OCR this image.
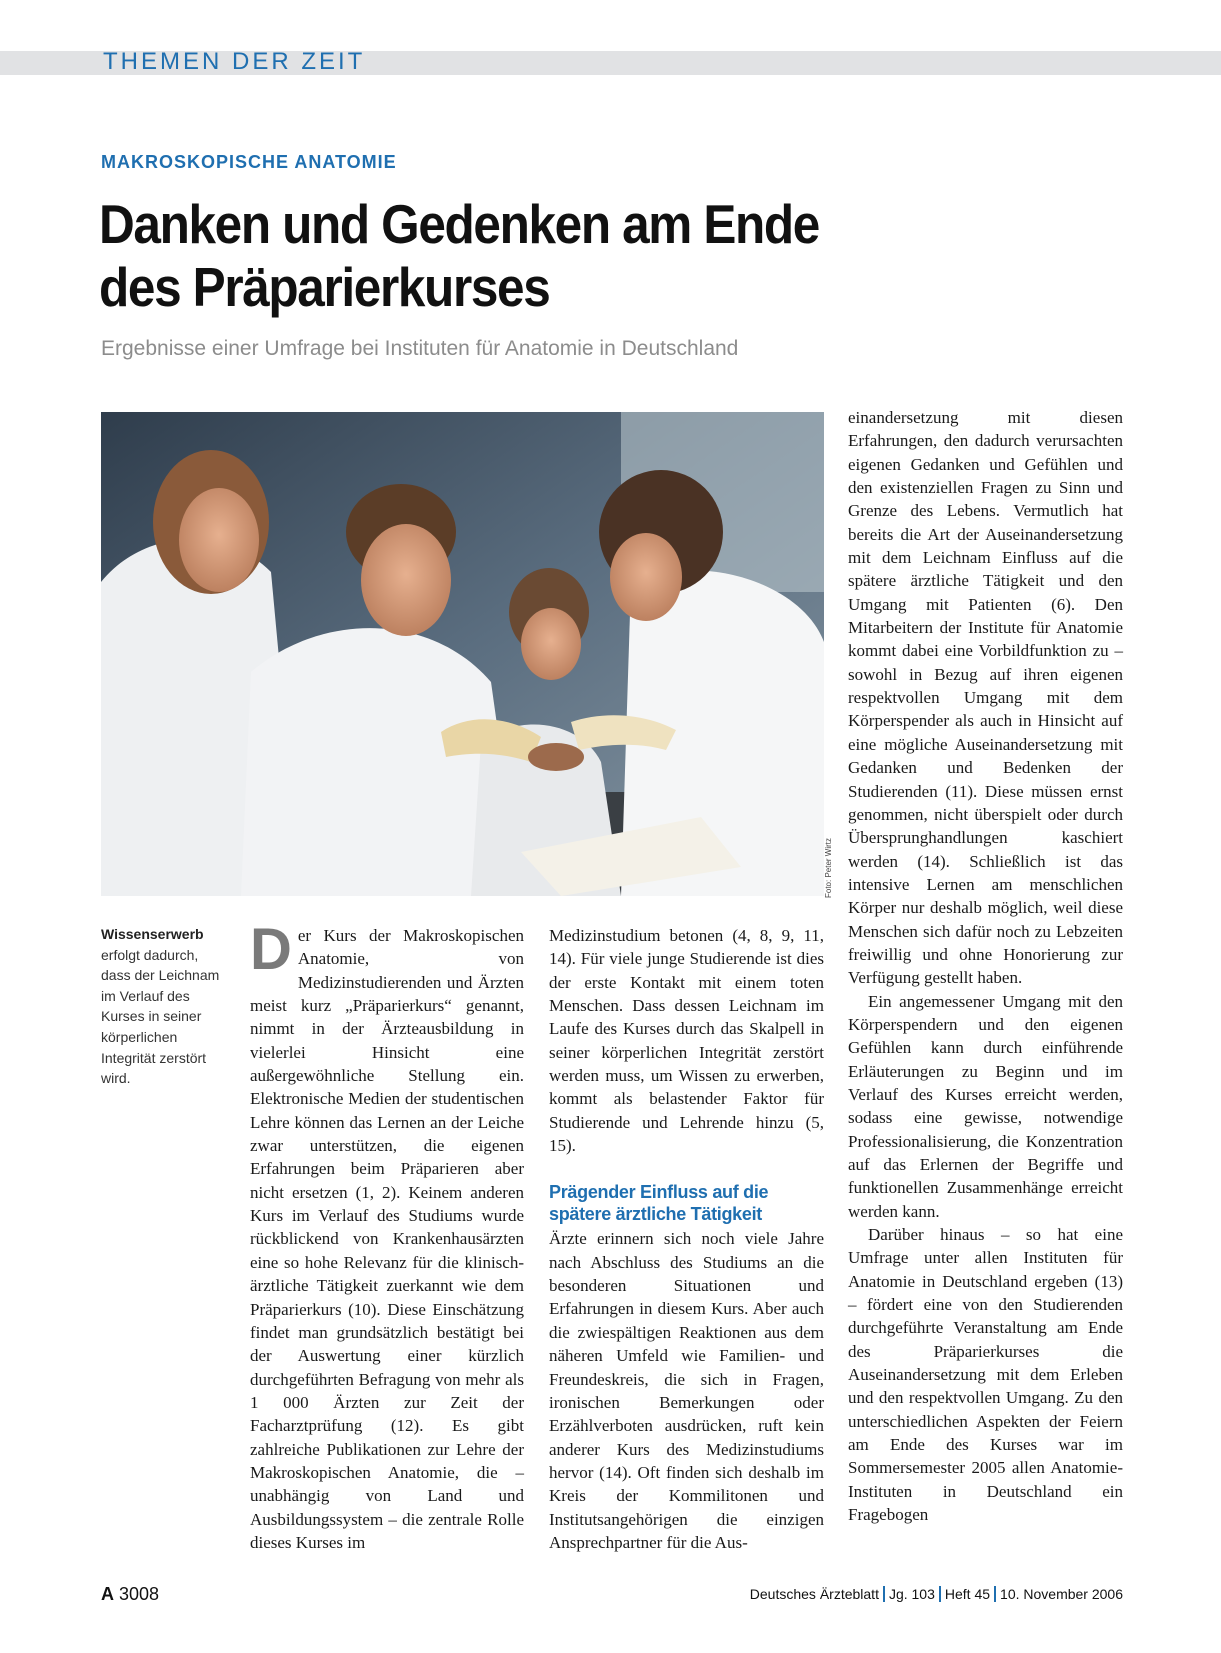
THEMEN DER ZEIT
MAKROSKOPISCHE ANATOMIE
Danken und Gedenken am Ende
des Präparierkurses
Ergebnisse einer Umfrage bei Instituten für Anatomie in Deutschland
Foto: Peter Wirtz
Wissenserwerb erfolgt dadurch, dass der Leichnam im Verlauf des Kurses in seiner körperlichen Integrität zerstört wird.

Der Kurs der Makroskopischen Anatomie, von Medizinstudierenden und Ärzten meist kurz „Präparierkurs“ genannt, nimmt in der Ärzteausbildung in vielerlei Hinsicht eine außergewöhnliche Stellung ein. Elektronische Medien der studentischen Lehre können das Lernen an der Leiche zwar unterstützen, die eigenen Erfahrungen beim Präparieren aber nicht ersetzen (1, 2). Keinem anderen Kurs im Verlauf des Studiums wurde rückblickend von Krankenhausärzten eine so hohe Relevanz für die klinisch-ärztliche Tätigkeit zuerkannt wie dem Präparierkurs (10). Diese Einschätzung findet man grundsätzlich bestätigt bei der Auswertung einer kürzlich durchgeführten Befragung von mehr als 1 000 Ärzten zur Zeit der Facharztprüfung (12). Es gibt zahlreiche Publikationen zur Lehre der Makroskopischen Anatomie, die – unabhängig von Land und Ausbildungssystem – die zentrale Rolle dieses Kurses im

Medizinstudium betonen (4, 8, 9, 11, 14). Für viele junge Studierende ist dies der erste Kontakt mit einem toten Menschen. Dass dessen Leichnam im Laufe des Kurses durch das Skalpell in seiner körperlichen Integrität zerstört werden muss, um Wissen zu erwerben, kommt als belastender Faktor für Studierende und Lehrende hinzu (5, 15).

Prägender Einfluss auf die spätere ärztliche Tätigkeit

Ärzte erinnern sich noch viele Jahre nach Abschluss des Studiums an die besonderen Situationen und Erfahrungen in diesem Kurs. Aber auch die zwiespältigen Reaktionen aus dem näheren Umfeld wie Familien- und Freundeskreis, die sich in Fragen, ironischen Bemerkungen oder Erzählverboten ausdrücken, ruft kein anderer Kurs des Medizinstudiums hervor (14). Oft finden sich deshalb im Kreis der Kommilitonen und Institutsangehörigen die einzigen Ansprechpartner für die Aus-

einandersetzung mit diesen Erfahrungen, den dadurch verursachten eigenen Gedanken und Gefühlen und den existenziellen Fragen zu Sinn und Grenze des Lebens. Vermutlich hat bereits die Art der Auseinandersetzung mit dem Leichnam Einfluss auf die spätere ärztliche Tätigkeit und den Umgang mit Patienten (6). Den Mitarbeitern der Institute für Anatomie kommt dabei eine Vorbildfunktion zu – sowohl in Bezug auf ihren eigenen respektvollen Umgang mit dem Körperspender als auch in Hinsicht auf eine mögliche Auseinandersetzung mit Gedanken und Bedenken der Studierenden (11). Diese müssen ernst genommen, nicht überspielt oder durch Übersprunghandlungen kaschiert werden (14). Schließlich ist das intensive Lernen am menschlichen Körper nur deshalb möglich, weil diese Menschen sich dafür noch zu Lebzeiten freiwillig und ohne Honorierung zur Verfügung gestellt haben.

Ein angemessener Umgang mit den Körperspendern und den eigenen Gefühlen kann durch einführende Erläuterungen zu Beginn und im Verlauf des Kurses erreicht werden, sodass eine gewisse, notwendige Professionalisierung, die Konzentration auf das Erlernen der Begriffe und funktionellen Zusammenhänge erreicht werden kann.

Darüber hinaus – so hat eine Umfrage unter allen Instituten für Anatomie in Deutschland ergeben (13) – fördert eine von den Studierenden durchgeführte Veranstaltung am Ende des Präparierkurses die Auseinandersetzung mit dem Erleben und den respektvollen Umgang. Zu den unterschiedlichen Aspekten der Feiern am Ende des Kurses war im Sommersemester 2005 allen Anatomie-Instituten in Deutschland ein Fragebogen

A 3008	Deutsches Ärzteblatt Jg. 103 Heft 45 10. November 2006
